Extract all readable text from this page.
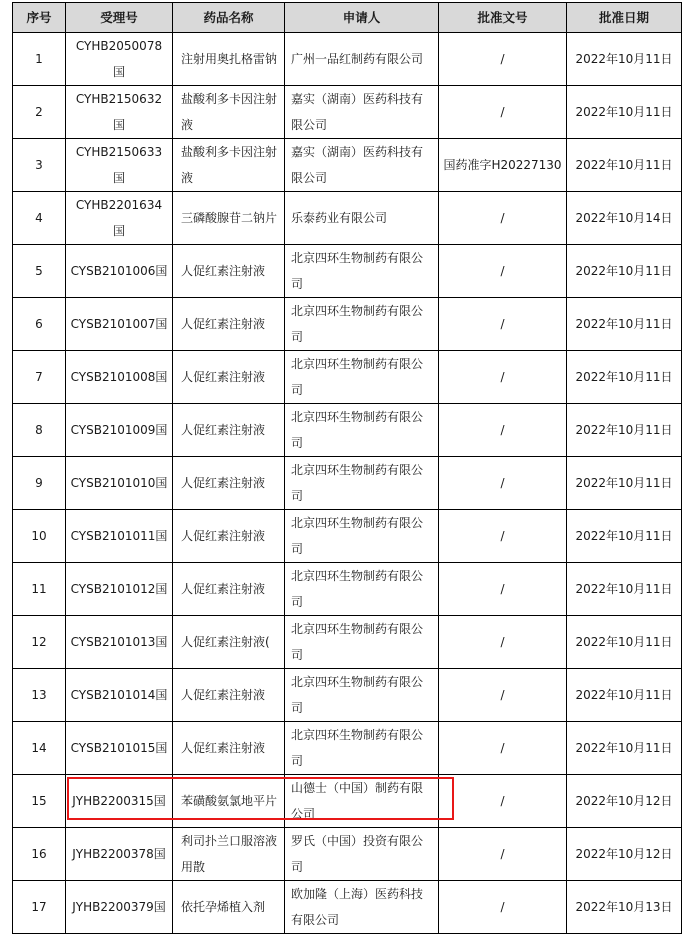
序号	受理号	药品名称	申请人	批准文号	批准日期
1	CYHB2050078国	注射用奥扎格雷钠	广州一品红制药有限公司	/	2022年10月11日
2	CYHB2150632国	盐酸利多卡因注射液	嘉实（湖南）医药科技有限公司	/	2022年10月11日
3	CYHB2150633国	盐酸利多卡因注射液	嘉实（湖南）医药科技有限公司	国药准字H20227130	2022年10月11日
4	CYHB2201634国	三磷酸腺苷二钠片	乐泰药业有限公司	/	2022年10月14日
5	CYSB2101006国	人促红素注射液	北京四环生物制药有限公司	/	2022年10月11日
6	CYSB2101007国	人促红素注射液	北京四环生物制药有限公司	/	2022年10月11日
7	CYSB2101008国	人促红素注射液	北京四环生物制药有限公司	/	2022年10月11日
8	CYSB2101009国	人促红素注射液	北京四环生物制药有限公司	/	2022年10月11日
9	CYSB2101010国	人促红素注射液	北京四环生物制药有限公司	/	2022年10月11日
10	CYSB2101011国	人促红素注射液	北京四环生物制药有限公司	/	2022年10月11日
11	CYSB2101012国	人促红素注射液	北京四环生物制药有限公司	/	2022年10月11日
12	CYSB2101013国	人促红素注射液(	北京四环生物制药有限公司	/	2022年10月11日
13	CYSB2101014国	人促红素注射液	北京四环生物制药有限公司	/	2022年10月11日
14	CYSB2101015国	人促红素注射液	北京四环生物制药有限公司	/	2022年10月11日
15	JYHB2200315国	苯磺酸氨氯地平片	山德士（中国）制药有限公司	/	2022年10月12日
16	JYHB2200378国	利司扑兰口服溶液用散	罗氏（中国）投资有限公司	/	2022年10月12日
17	JYHB2200379国	依托孕烯植入剂	欧加隆（上海）医药科技有限公司	/	2022年10月13日
